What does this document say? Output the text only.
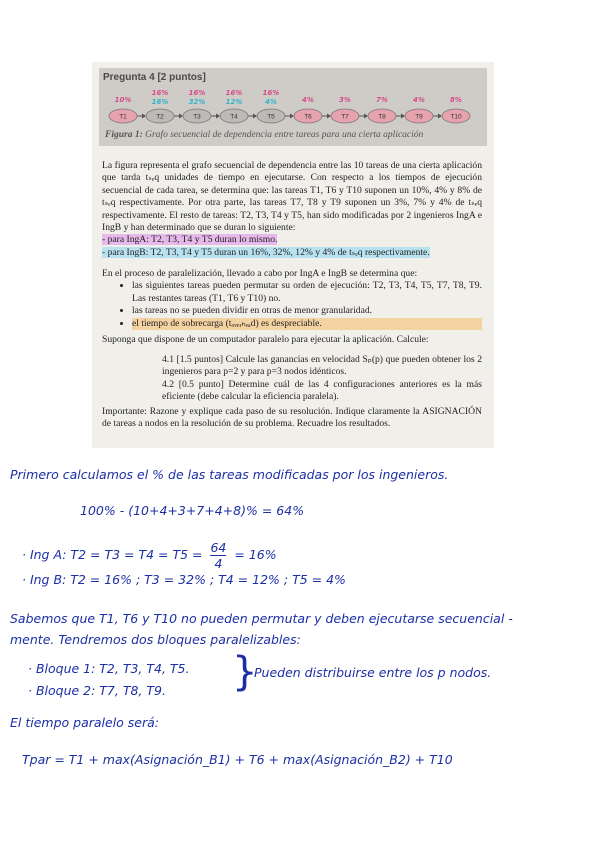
Pregunta 4 [2 puntos]
T1
10%
T2
16%
16%
T3
16%
32%
T4
16%
12%
T5
16%
4%
T6
4%
T7
3%
T8
7%
T9
4%
T10
8%
Figura 1: Grafo secuencial de dependencia entre tareas para una cierta aplicación

La figura representa el grafo secuencial de dependencia entre las 10 tareas de una cierta aplicación que tarda tₛₑq unidades de tiempo en ejecutarse. Con respecto a los tiempos de ejecución secuencial de cada tarea, se determina que: las tareas T1, T6 y T10 suponen un 10%, 4% y 8% de tₛₑq respectivamente. Por otra parte, las tareas T7, T8 y T9 suponen un 3%, 7% y 4% de tₛₑq respectivamente. El resto de tareas: T2, T3, T4 y T5, han sido modificadas por 2 ingenieros IngA e IngB y han determinado que se duran lo siguiente:

- para IngA: T2, T3, T4 y T5 duran lo mismo.

- para IngB: T2, T3, T4 y T5 duran un 16%, 32%, 12% y 4% de tₛₑq respectivamente.

En el proceso de paralelización, llevado a cabo por IngA e IngB se determina que:

• las siguientes tareas pueden permutar su orden de ejecución: T2, T3, T4, T5, T7, T8, T9. Las restantes tareas (T1, T6 y T10) no.
• las tareas no se pueden dividir en otras de menor granularidad.
• el tiempo de sobrecarga (tₒᵥₑᵣₕₑₐd) es despreciable.
Suponga que dispone de un computador paralelo para ejecutar la aplicación. Calcule:

4.1 [1.5 puntos] Calcule las ganancias en velocidad Sₚ(p) que pueden obtener los 2 ingenieros para p=2 y para p=3 nodos idénticos.

4.2 [0.5 punto] Determine cuál de las 4 configuraciones anteriores es la más eficiente (debe calcular la eficiencia paralela).

Importante: Razone y explique cada paso de su resolución. Indique claramente la ASIGNACIÓN de tareas a nodos en la resolución de su problema. Recuadre los resultados.
Primero calculamos el % de las tareas modificadas por los ingenieros.
100% - (10+4+3+7+4+8)% = 64%
· Ing A: $T2 = T3 = T4 = T5 = \frac{64}{4} = 16\%$
· Ing B: T2 = 16% ; T3 = 32% ; T4 = 12% ; T5 = 4%
Sabemos que T1, T6 y T10 no pueden permutar y deben ejecutarse secuencial -
mente. Tendremos dos bloques paralelizables:
· Bloque 1: T2, T3, T4, T5.
· Bloque 2: T7, T8, T9.	}
Pueden distribuirse entre los p nodos.
El tiempo paralelo será:
Tpar = T1 + max(Asignación_B1) + T6 + max(Asignación_B2) + T10
